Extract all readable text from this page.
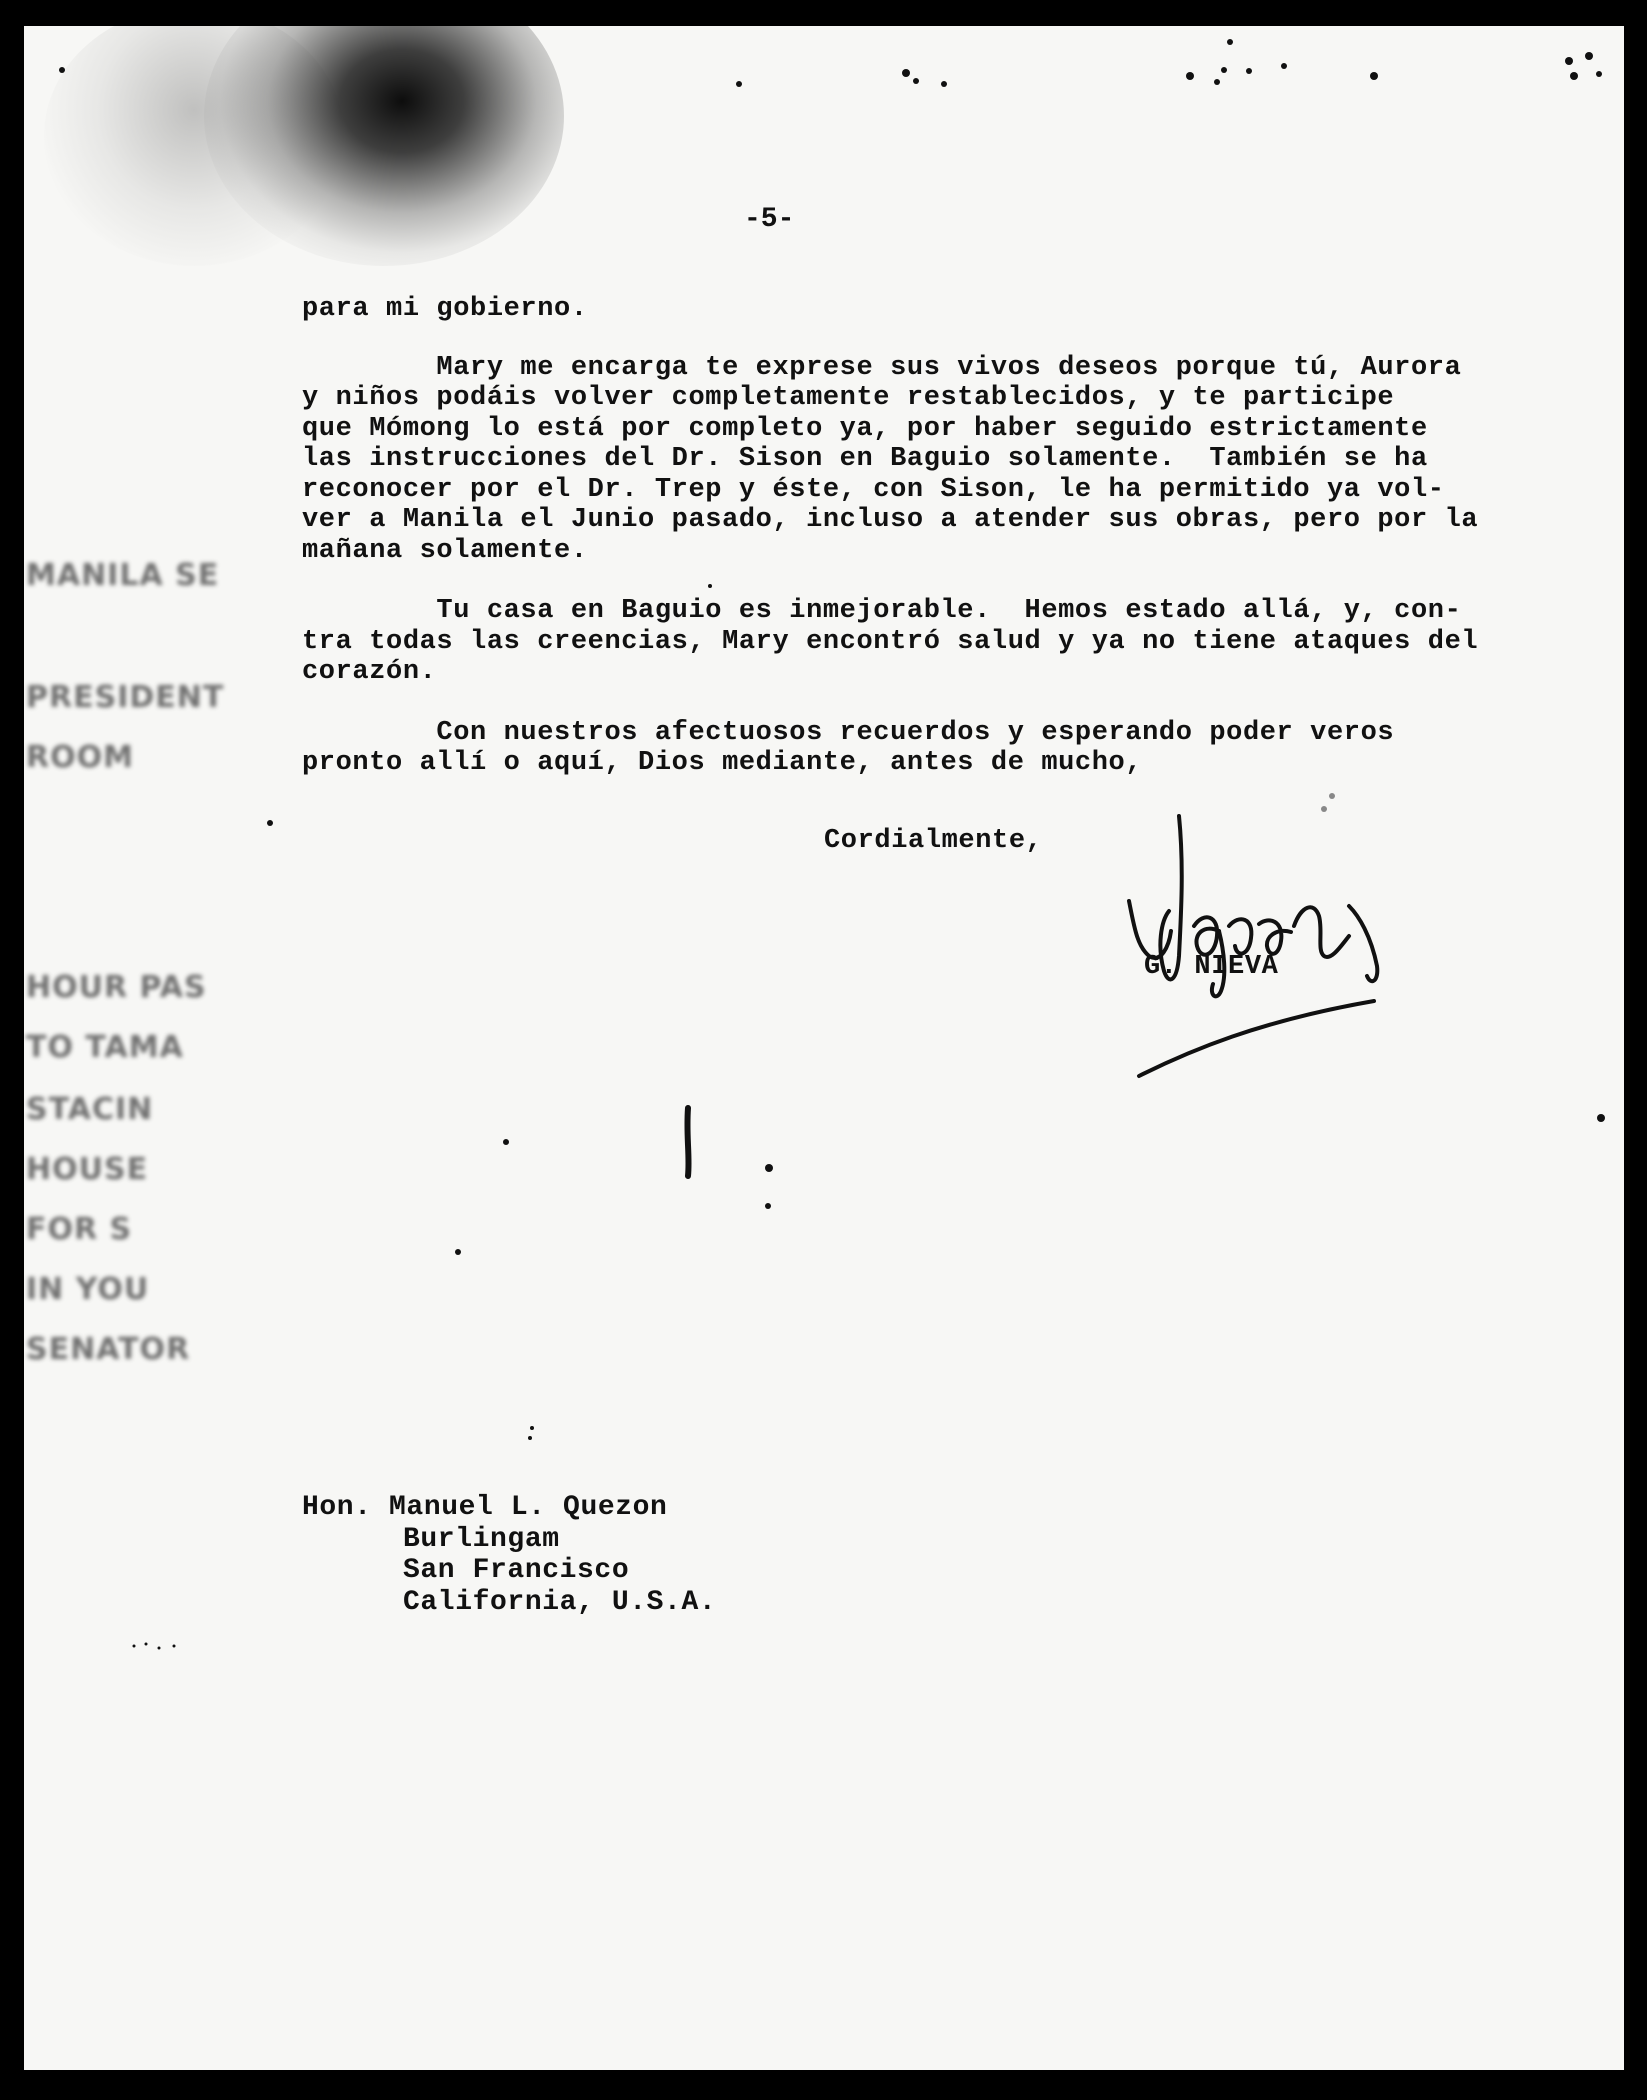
MANILA SE
PRESIDENT
ROOM
HOUR PAS
TO TAMA
STACIN
HOUSE
FOR S
IN YOU
SENATOR
-5-

para mi gobierno.

Mary me encarga te exprese sus vivos deseos porque tú, Aurora
y niños podáis volver completamente restablecidos, y te participe
que Mómong lo está por completo ya, por haber seguido estrictamente
las instrucciones del Dr. Sison en Baguio solamente.  También se ha
reconocer por el Dr. Trep y éste, con Sison, le ha permitido ya vol-
ver a Manila el Junio pasado, incluso a atender sus obras, pero por la
mañana solamente.

Tu casa en Baguio es inmejorable.  Hemos estado allá, y, con-
tra todas las creencias, Mary encontró salud y ya no tiene ataques del
corazón.

Con nuestros afectuosos recuerdos y esperando poder veros
pronto allí o aquí, Dios mediante, antes de mucho,

Cordialmente,
G. NIEVA
Hon. Manuel L. Quezon
Burlingam
San Francisco
California, U.S.A.
